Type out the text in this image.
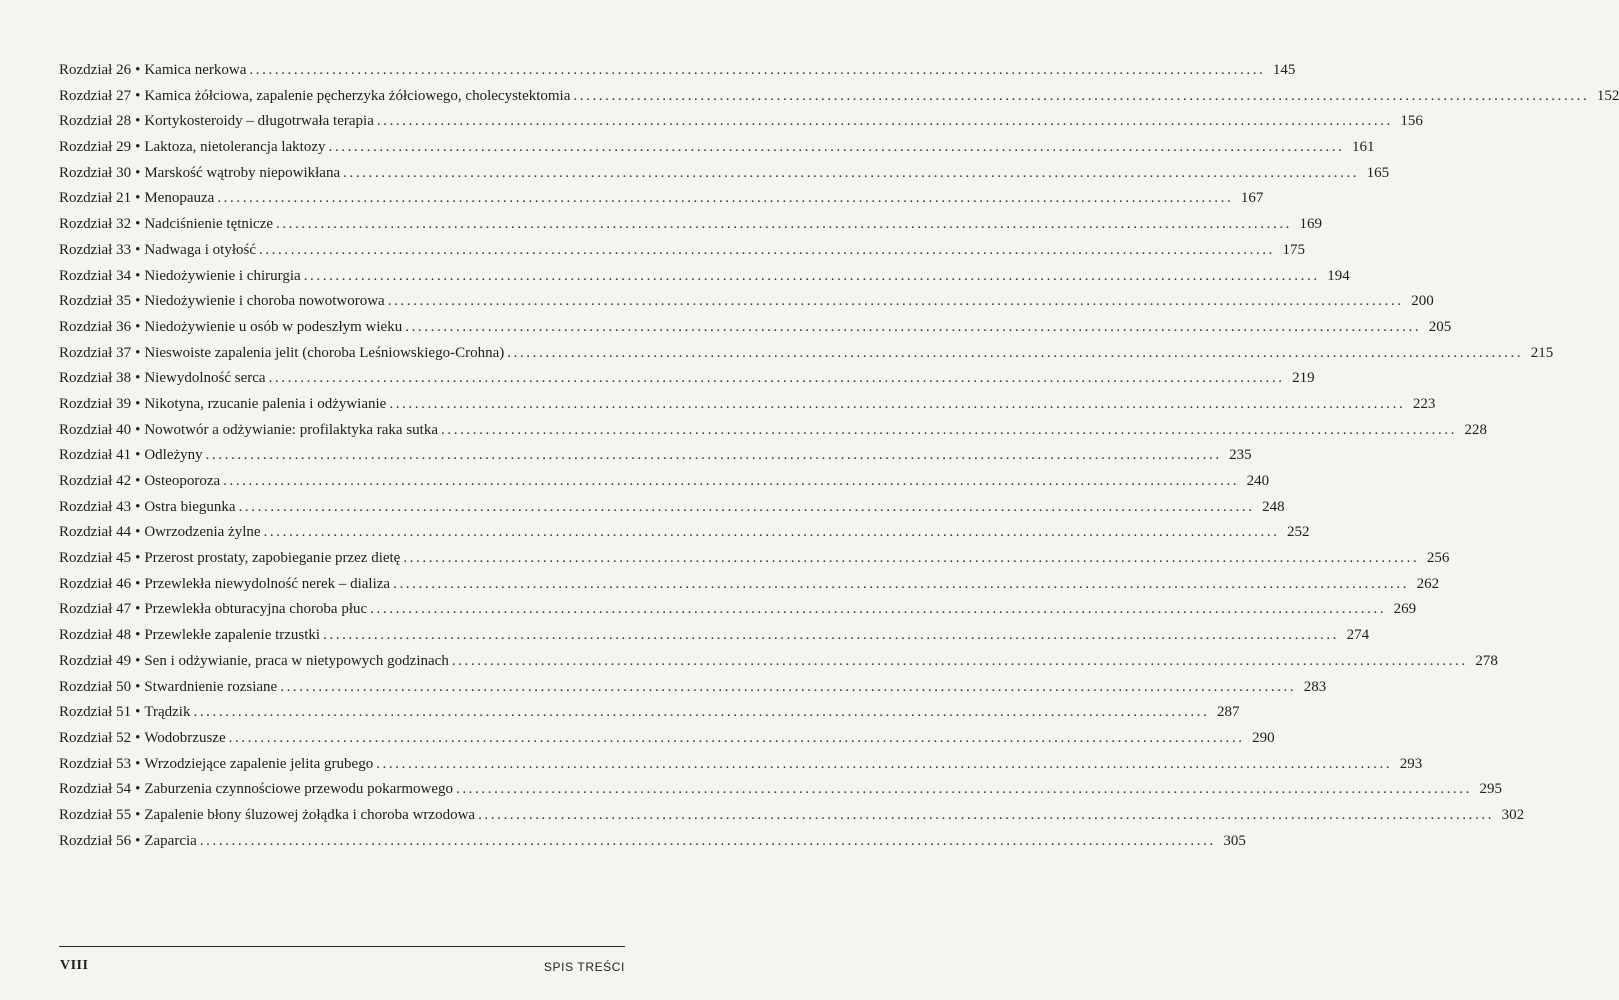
Rozdział 26 • Kamica nerkowa ................................................................................................................................................................ 145
Rozdział 27 • Kamica żółciowa, zapalenie pęcherzyka żółciowego, cholecystektomia ................................................................................................................................................................ 152
Rozdział 28 • Kortykosteroidy – długotrwała terapia ................................................................................................................................................................ 156
Rozdział 29 • Laktoza, nietolerancja laktozy ................................................................................................................................................................ 161
Rozdział 30 • Marskość wątroby niepowikłana ................................................................................................................................................................ 165
Rozdział 21 • Menopauza ................................................................................................................................................................ 167
Rozdział 32 • Nadciśnienie tętnicze ................................................................................................................................................................ 169
Rozdział 33 • Nadwaga i otyłość ................................................................................................................................................................ 175
Rozdział 34 • Niedożywienie i chirurgia ................................................................................................................................................................ 194
Rozdział 35 • Niedożywienie i choroba nowotworowa ................................................................................................................................................................ 200
Rozdział 36 • Niedożywienie u osób w podeszłym wieku ................................................................................................................................................................ 205
Rozdział 37 • Nieswoiste zapalenia jelit (choroba Leśniowskiego-Crohna) ................................................................................................................................................................ 215
Rozdział 38 • Niewydolność serca ................................................................................................................................................................ 219
Rozdział 39 • Nikotyna, rzucanie palenia i odżywianie ................................................................................................................................................................ 223
Rozdział 40 • Nowotwór a odżywianie: profilaktyka raka sutka ................................................................................................................................................................ 228
Rozdział 41 • Odleżyny ................................................................................................................................................................ 235
Rozdział 42 • Osteoporoza ................................................................................................................................................................ 240
Rozdział 43 • Ostra biegunka ................................................................................................................................................................ 248
Rozdział 44 • Owrzodzenia żylne ................................................................................................................................................................ 252
Rozdział 45 • Przerost prostaty, zapobieganie przez dietę ................................................................................................................................................................ 256
Rozdział 46 • Przewlekła niewydolność nerek – dializa ................................................................................................................................................................ 262
Rozdział 47 • Przewlekła obturacyjna choroba płuc ................................................................................................................................................................ 269
Rozdział 48 • Przewlekłe zapalenie trzustki ................................................................................................................................................................ 274
Rozdział 49 • Sen i odżywianie, praca w nietypowych godzinach ................................................................................................................................................................ 278
Rozdział 50 • Stwardnienie rozsiane ................................................................................................................................................................ 283
Rozdział 51 • Trądzik ................................................................................................................................................................ 287
Rozdział 52 • Wodobrzusze ................................................................................................................................................................ 290
Rozdział 53 • Wrzodziejące zapalenie jelita grubego ................................................................................................................................................................ 293
Rozdział 54 • Zaburzenia czynnościowe przewodu pokarmowego ................................................................................................................................................................ 295
Rozdział 55 • Zapalenie błony śluzowej żołądka i choroba wrzodowa ................................................................................................................................................................ 302
Rozdział 56 • Zaparcia ................................................................................................................................................................ 305
VIII	SPIS TREŚCI
